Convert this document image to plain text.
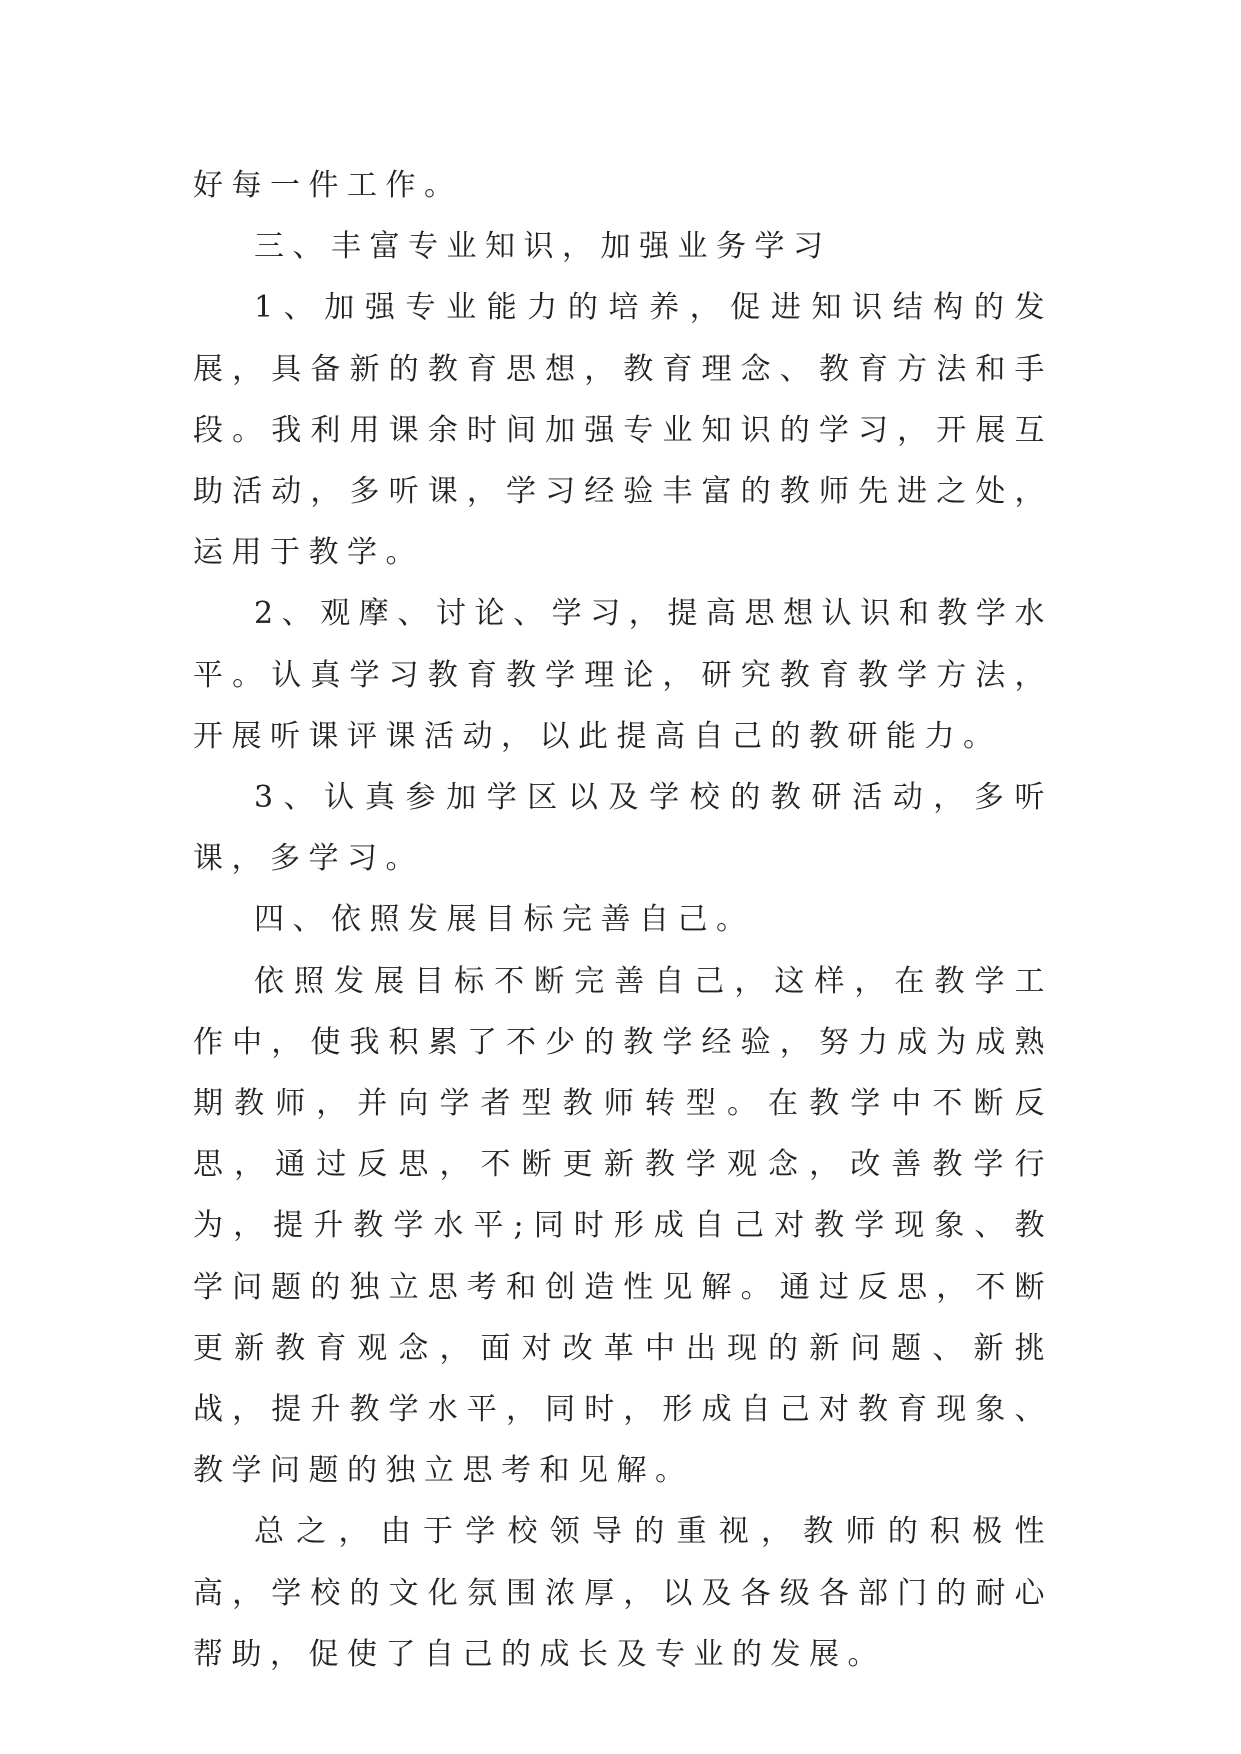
好每一件工作。

三、丰富专业知识，加强业务学习

1、加强专业能力的培养，促进知识结构的发展，具备新的教育思想，教育理念、教育方法和手段。我利用课余时间加强专业知识的学习，开展互助活动，多听课，学习经验丰富的教师先进之处，运用于教学。

2、观摩、讨论、学习，提高思想认识和教学水平。认真学习教育教学理论，研究教育教学方法，开展听课评课活动，以此提高自己的教研能力。

3、认真参加学区以及学校的教研活动，多听课，多学习。

四、依照发展目标完善自己。

依照发展目标不断完善自己，这样，在教学工作中，使我积累了不少的教学经验，努力成为成熟期教师，并向学者型教师转型。在教学中不断反思，通过反思，不断更新教学观念，改善教学行为，提升教学水平;同时形成自己对教学现象、教学问题的独立思考和创造性见解。通过反思，不断更新教育观念，面对改革中出现的新问题、新挑战，提升教学水平，同时，形成自己对教育现象、教学问题的独立思考和见解。

总之，由于学校领导的重视，教师的积极性高，学校的文化氛围浓厚，以及各级各部门的耐心帮助，促使了自己的成长及专业的发展。
